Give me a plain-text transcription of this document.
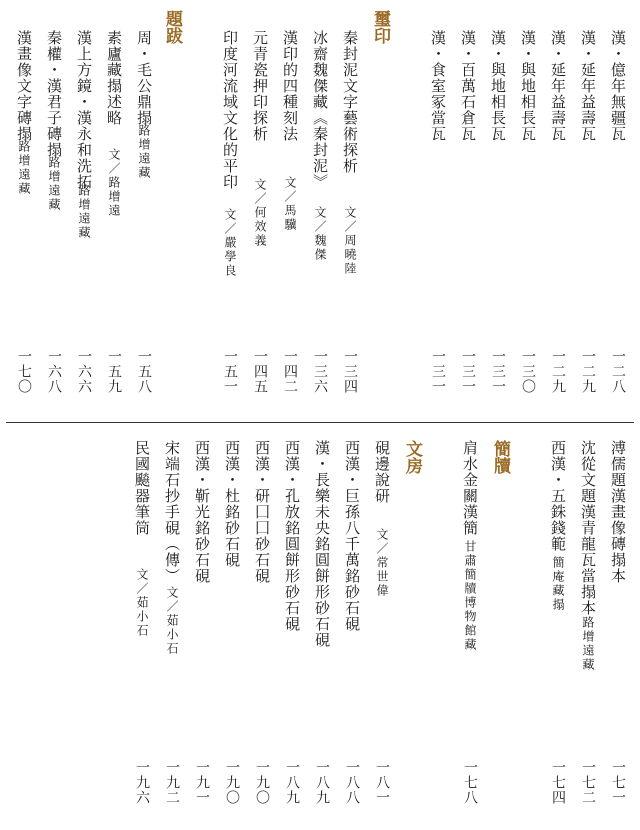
漢・億年無疆瓦
一二八
漢・延年益壽瓦
一二九
漢・延年益壽瓦
一二九
漢・與地相長瓦
一三〇
漢・與地相長瓦
一三一
漢・百萬石倉瓦
一三一
漢・食室冢當瓦
一三一
璽印
秦封泥文字藝術探析
文／周曉陸
一三四
冰齋魏傑藏《秦封泥》
文／魏傑
一三六
漢印的四種刻法
文／馬驥
一四二
元青瓷押印探析
文／何效義
一四五
印度河流域文化的平印
文／嚴學良
一五一
題跋
周・毛公鼎搨
路增遠藏
一五八
素廬藏搨述略
文／路增遠
一五九
漢上方鏡・漢永和洗拓
路增遠藏
一六六
秦權・漢君子磚搨
路增遠藏
一六八
漢畫像文字磚搨
路增遠藏
一七〇
溥儒題漢畫像磚搨本
一七一
沈從文題漢青龍瓦當搨本
路增遠藏
一七二
西漢・五銖錢範
簡庵藏搨
一七四
簡牘
肩水金關漢簡
甘肅簡牘博物館藏
一七八
文房
硯邊說研
文／常世偉
一八一
西漢・巨孫八千萬銘砂石硯
一八八
漢・長樂未央銘圓餅形砂石硯
一八九
西漢・孔放銘圓餅形砂石硯
一八九
西漢・研囗囗砂石硯
一九〇
西漢・杜銘砂石硯
一九〇
西漢・靳光銘砂石硯
一九一
宋端石抄手硯（傳）
文／茹小石
一九二
民國飈器筆筒
文／茹小石
一九六
